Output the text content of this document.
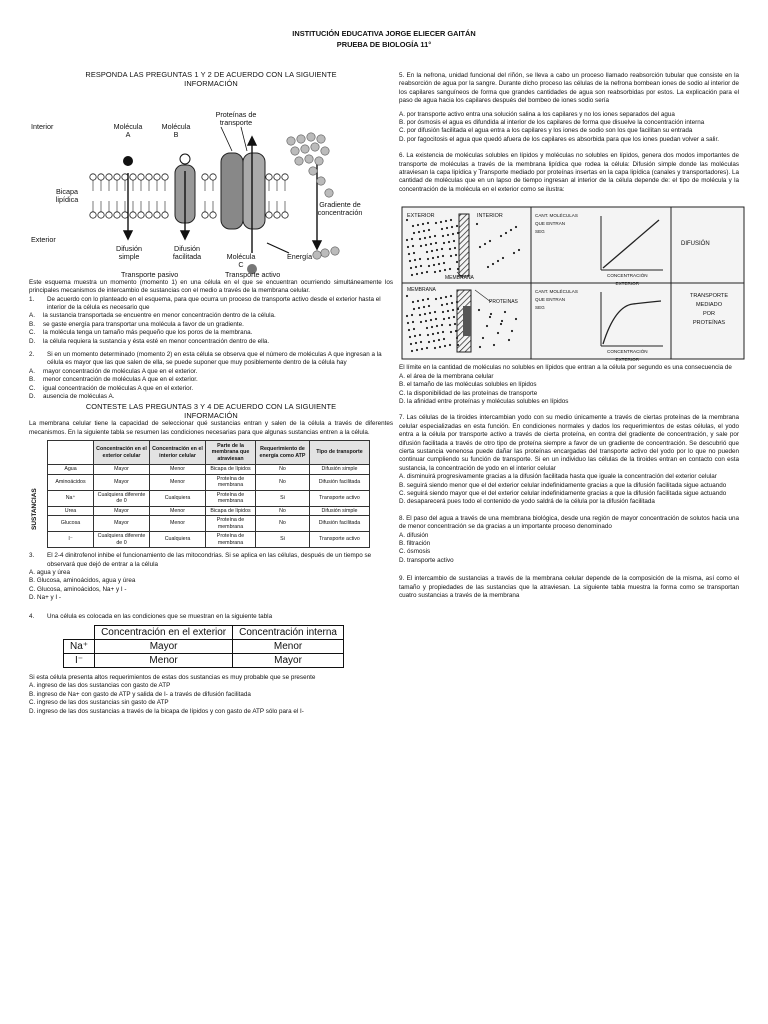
INSTITUCIÓN EDUCATIVA JORGE ELIECER GAITÁN
PRUEBA DE BIOLOGÍA 11°
RESPONDA LAS PREGUNTAS 1 Y 2 DE ACUERDO CON LA SIGUIENTE INFORMACIÓN
Interior
Exterior
Molécula
A
Molécula
B
Proteínas de
transporte
Bicapa
lipídica
Gradiente de
concentración
Difusión
simple
Difusión
facilitada	Molécula
C
Energía
Transporte pasivo	Transporte activo

Este esquema muestra un momento (momento 1) en una célula en el que se encuentran ocurriendo simultáneamente los principales mecanismos de intercambio de sustancias con el medio a través de la membrana celular.

1.	De acuerdo con lo planteado en el esquema, para que ocurra un proceso de transporte activo desde el exterior hasta el interior de la célula es necesario que
A.	la sustancia transportada se encuentre en menor concentración dentro de la célula.
B.	se gaste energía para transportar una molécula a favor de un gradiente.
C.	la molécula tenga un tamaño más pequeño que los poros de la membrana.
D.	la célula requiera la sustancia y ésta esté en menor concentración dentro de ella.
2.	Si en un momento determinado (momento 2) en esta célula se observa que el número de moléculas A que ingresan a la célula es mayor que las que salen de ella, se puede suponer que muy posiblemente dentro de la célula hay
A.	mayor concentración de moléculas A que en el exterior.
B.	menor concentración de moléculas A que en el exterior.
C.	igual concentración de moléculas A que en el exterior.
D.	ausencia de moléculas A.
CONTESTE LAS PREGUNTAS 3 Y 4 DE ACUERDO CON LA SIGUIENTE INFORMACIÓN

La membrana celular tiene la capacidad de seleccionar qué sustancias entran y salen de la célula a través de diferentes mecanismos. En la siguiente tabla se resumen las condiciones necesarias para que algunas sustancias entren a la célula.

SUSTANCIAS
	Concentración en el exterior celular	Concentración en el interior celular	Parte de la membrana que atraviesan	Requerimiento de energía como ATP	Tipo de transporte
Agua	Mayor	Menor	Bicapa de lípidos	No	Difusión simple
Aminoácidos	Mayor	Menor	Proteína de membrana	No	Difusión facilitada
Na⁺	Cualquiera diferente de 0	Cualquiera	Proteína de membrana	Si	Transporte activo
Urea	Mayor	Menor	Bicapa de lípidos	No	Difusión simple
Glucosa	Mayor	Menor	Proteína de membrana	No	Difusión facilitada
I⁻	Cualquiera diferente de 0	Cualquiera	Proteína de membrana	Si	Transporte activo
3.	El 2-4 dinitrofenol inhibe el funcionamiento de las mitocondrias. Si se aplica en las células, después de un tiempo se observará que dejó de entrar a la célula
A. agua y úrea
B. Glucosa, aminoácidos, agua y úrea
C. Glucosa, aminoácidos, Na+ y I -
D. Na+ y I -
4.	Una célula es colocada en las condiciones que se muestran en la siguiente tabla
	Concentración en el exterior	Concentración interna
Na⁺	Mayor	Menor
I⁻	Menor	Mayor

Si esta célula presenta altos requerimientos de estas dos sustancias es muy probable que se presente

A. ingreso de las dos sustancias con gasto de ATP
B. ingreso de Na+ con gasto de ATP y salida de I- a través de difusión facilitada
C. ingreso de las dos sustancias sin gasto de ATP
D. ingreso de las dos sustancias a través de la bicapa de lípidos y con gasto de ATP sólo para el I-

5. En la nefrona, unidad funcional del riñón, se lleva a cabo un proceso llamado reabsorción tubular que consiste en la reabsorción de agua por la sangre. Durante dicho proceso las células de la nefrona bombean iones de sodio al interior de los capilares sanguíneos de forma que grandes cantidades de agua son reabsorbidas por estos. La explicación para el paso de agua hacia los capilares después del bombeo de iones sodio sería

A. por transporte activo entra una solución salina a los capilares y no los iones separados del agua
B. por ósmosis el agua es difundida al interior de los capilares de forma que disuelve la concentración interna
C. por difusión facilitada el agua entra a los capilares y los iones de sodio son los que facilitan su entrada
D. por fagocitosis el agua que quedó afuera de los capilares es absorbida para que los iones puedan volver a salir.

6. La existencia de moléculas solubles en lípidos y moléculas no solubles en lípidos, genera dos modos importantes de transporte de moléculas a través de la membrana lipídica que rodea la célula: Difusión simple donde las moléculas atraviesan la capa lipídica y Transporte mediado por proteínas insertas en la capa lipídica (canales y transportadores). La cantidad de moléculas que en un lapso de tiempo ingresan al interior de la célula depende de: el tipo de molécula y la concentración de la molécula en el exterior como se ilustra:

EXTERIOR	INTERIOR
MEMBRANA
MEMBRANA
PROTEINAS
CANT. MOLÉCULAS
QUE ENTRAN
SEG
CANT. MOLÉCULAS
QUE ENTRAN
SEG
CONCENTRACIÓN
EXTERIOR
CONCENTRACIÓN
EXTERIOR
DIFUSIÓN
TRANSPORTE
MEDIADO
POR
PROTEÍNAS

El límite en la cantidad de moléculas no solubles en lípidos que entran a la célula por segundo es una consecuencia de

A. el área de la membrana celular
B. el tamaño de las moléculas solubles en lípidos
C. la disponibilidad de las proteínas de transporte
D. la afinidad entre proteínas y moléculas solubles en lípidos

7. Las células de la tiroides intercambian yodo con su medio únicamente a través de ciertas proteínas de la membrana celular especializadas en esta función. En condiciones normales y dados los requerimientos de estas células, el yodo entra a la célula por transporte activo a través de cierta proteína, en contra del gradiente de concentración, y sale por difusión facilitada a través de otro tipo de proteína siempre a favor de un gradiente de concentración. Se descubrió que cierta sustancia venenosa puede dañar las proteínas encargadas del transporte activo del yodo por lo que no pueden continuar cumpliendo su función de transporte. Si en un individuo las células de la tiroides entran en contacto con esta sustancia, la concentración de yodo en el interior celular

A. disminuirá progresivamente gracias a la difusión facilitada hasta que iguale la concentración del exterior celular
B. seguirá siendo menor que el del exterior celular indefinidamente gracias a que la difusión facilitada sigue actuando
C. seguirá siendo mayor que el del exterior celular indefinidamente gracias a que la difusión facilitada sigue actuando
D. desaparecerá pues todo el contenido de yodo saldrá de la célula por la difusión facilitada

8. El paso del agua a través de una membrana biológica, desde una región de mayor concentración de solutos hacia una de menor concentración se da gracias a un importante proceso denominado

A. difusión
B. filtración
C. ósmosis
D. transporte activo

9. El intercambio de sustancias a través de la membrana celular depende de la composición de la misma, así como el tamaño y propiedades de las sustancias que la atraviesan. La siguiente tabla muestra la forma como se transportan cuatro sustancias a través de la membrana
